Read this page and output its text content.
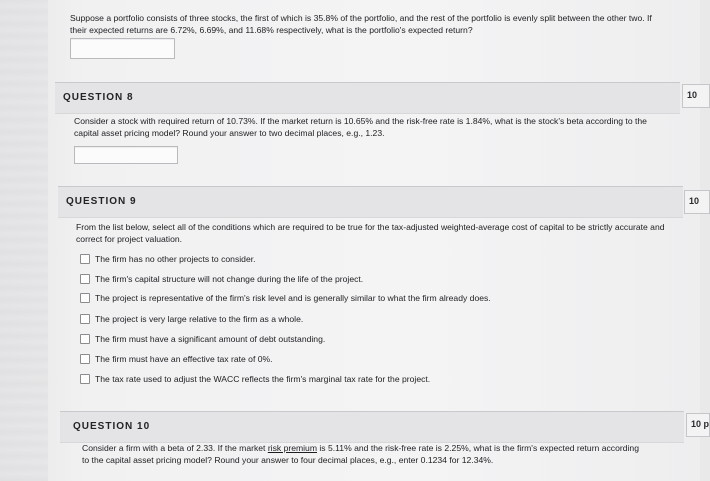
Suppose a portfolio consists of three stocks, the first of which is 35.8% of the portfolio, and the rest of the portfolio is evenly split between the other two. If their expected returns are 6.72%, 6.69%, and 11.68% respectively, what is the portfolio's expected return?
QUESTION 8	10
Consider a stock with required return of 10.73%. If the market return is 10.65% and the risk-free rate is 1.84%, what is the stock's beta according to the capital asset pricing model? Round your answer to two decimal places, e.g., 1.23.
QUESTION 9	10
From the list below, select all of the conditions which are required to be true for the tax-adjusted weighted-average cost of capital to be strictly accurate and correct for project valuation.
The firm has no other projects to consider.
The firm's capital structure will not change during the life of the project.
The project is representative of the firm's risk level and is generally similar to what the firm already does.
The project is very large relative to the firm as a whole.
The firm must have a significant amount of debt outstanding.
The firm must have an effective tax rate of 0%.
The tax rate used to adjust the WACC reflects the firm's marginal tax rate for the project.
QUESTION 10	10 p
Consider a firm with a beta of 2.33. If the market risk premium is 5.11% and the risk-free rate is 2.25%, what is the firm's expected return according to the capital asset pricing model? Round your answer to four decimal places, e.g., enter 0.1234 for 12.34%.
